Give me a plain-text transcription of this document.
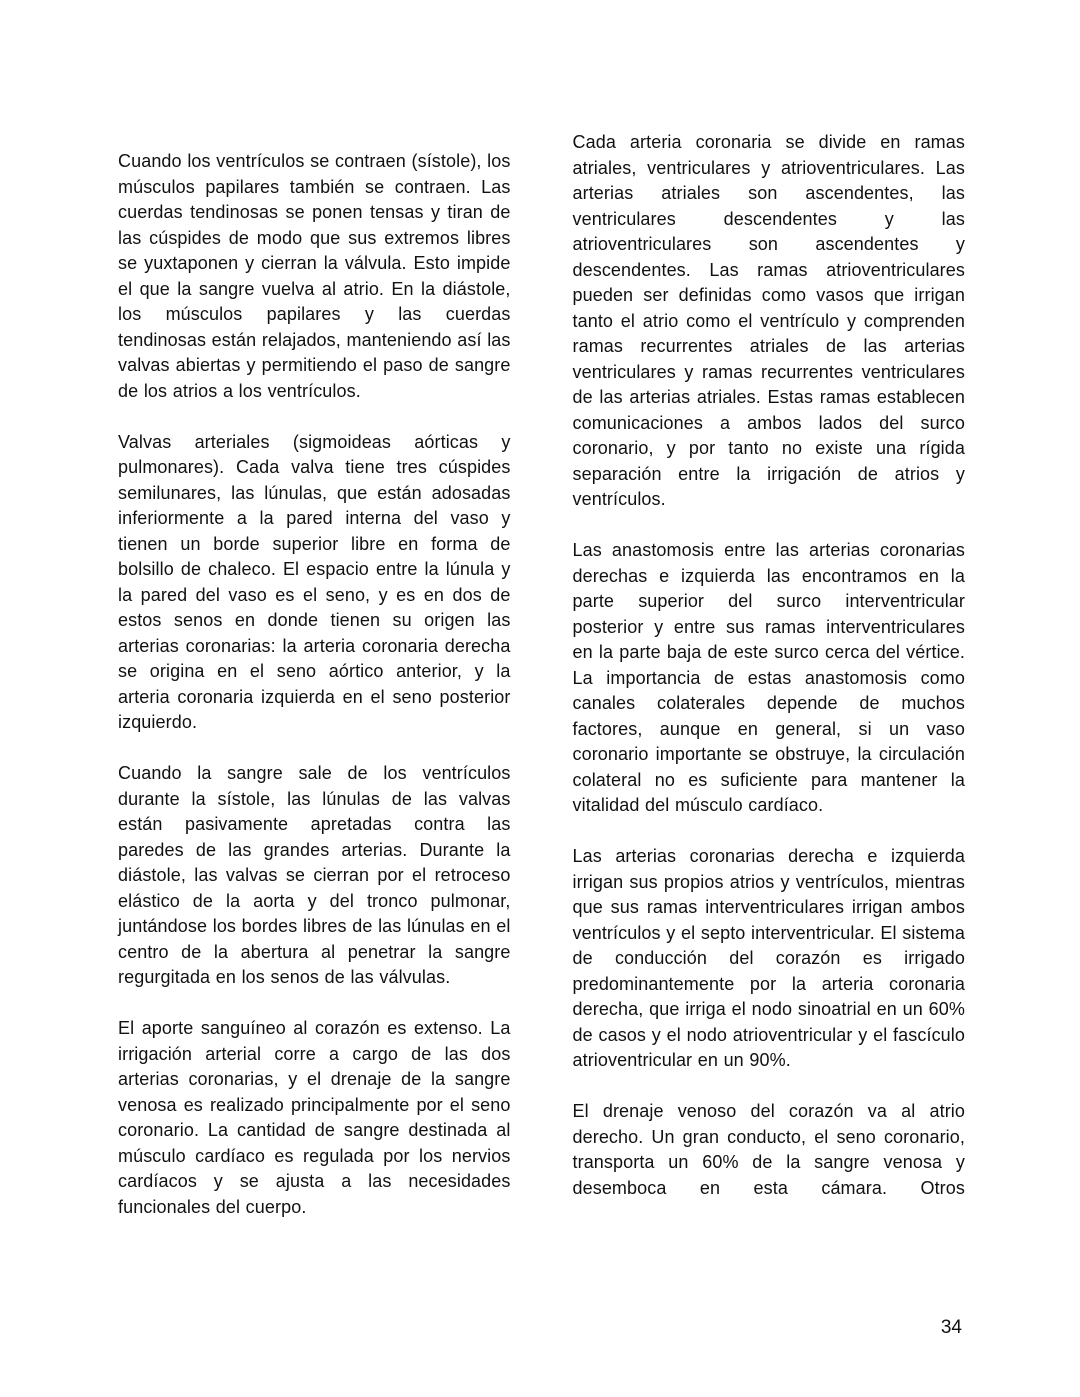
Cuando los ventrículos se contraen (sístole), los músculos papilares también se contraen. Las cuerdas tendinosas se ponen tensas y tiran de las cúspides de modo que sus extremos libres se yuxtaponen y cierran la válvula. Esto impide el que la sangre vuelva al atrio. En la diástole, los músculos papilares y las cuerdas tendinosas están relajados, manteniendo así las valvas abiertas y permitiendo el paso de sangre de los atrios a los ventrículos.

Valvas arteriales (sigmoideas aórticas y pulmonares). Cada valva tiene tres cúspides semilunares, las lúnulas, que están adosadas inferiormente a la pared interna del vaso y tienen un borde superior libre en forma de bolsillo de chaleco. El espacio entre la lúnula y la pared del vaso es el seno, y es en dos de estos senos en donde tienen su origen las arterias coronarias: la arteria coronaria derecha se origina en el seno aórtico anterior, y la arteria coronaria izquierda en el seno posterior izquierdo.

Cuando la sangre sale de los ventrículos durante la sístole, las lúnulas de las valvas están pasivamente apretadas contra las paredes de las grandes arterias. Durante la diástole, las valvas se cierran por el retroceso elástico de la aorta y del tronco pulmonar, juntándose los bordes libres de las lúnulas en el centro de la abertura al penetrar la sangre regurgitada en los senos de las válvulas.

El aporte sanguíneo al corazón es extenso. La irrigación arterial corre a cargo de las dos arterias coronarias, y el drenaje de la sangre venosa es realizado principalmente por el seno coronario. La cantidad de sangre destinada al músculo cardíaco es regulada por los nervios cardíacos y se ajusta a las necesidades funcionales del cuerpo.

Cada arteria coronaria se divide en ramas atriales, ventriculares y atrioventriculares. Las arterias atriales son ascendentes, las ventriculares descendentes y las atrioventriculares son ascendentes y descendentes. Las ramas atrioventriculares pueden ser definidas como vasos que irrigan tanto el atrio como el ventrículo y comprenden ramas recurrentes atriales de las arterias ventriculares y ramas recurrentes ventriculares de las arterias atriales. Estas ramas establecen comunicaciones a ambos lados del surco coronario, y por tanto no existe una rígida separación entre la irrigación de atrios y ventrículos.

Las anastomosis entre las arterias coronarias derechas e izquierda las encontramos en la parte superior del surco interventricular posterior y entre sus ramas interventriculares en la parte baja de este surco cerca del vértice. La importancia de estas anastomosis como canales colaterales depende de muchos factores, aunque en general, si un vaso coronario importante se obstruye, la circulación colateral no es suficiente para mantener la vitalidad del músculo cardíaco.

Las arterias coronarias derecha e izquierda irrigan sus propios atrios y ventrículos, mientras que sus ramas interventriculares irrigan ambos ventrículos y el septo interventricular. El sistema de conducción del corazón es irrigado predominantemente por la arteria coronaria derecha, que irriga el nodo sinoatrial en un 60% de casos y el nodo atrioventricular y el fascículo atrioventricular en un 90%.

El drenaje venoso del corazón va al atrio derecho. Un gran conducto, el seno coronario, transporta un 60% de la sangre venosa y desemboca en esta cámara. Otros

34
